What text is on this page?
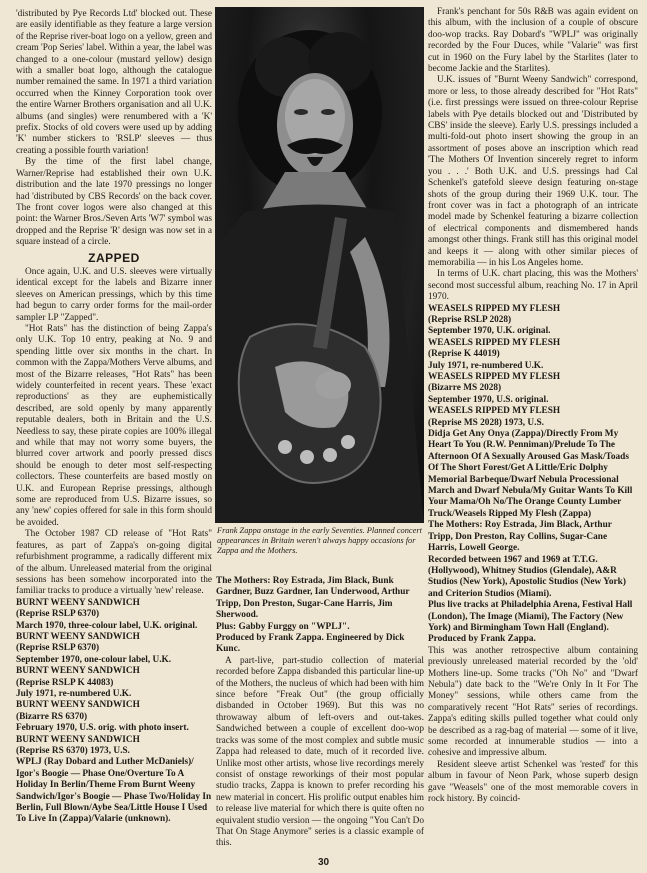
'distributed by Pye Records Ltd' blocked out. These are easily identifiable as they feature a large version of the Reprise river-boat logo on a yellow, green and cream 'Pop Series' label. Within a year, the label was changed to a one-colour (mustard yellow) design with a smaller boat logo, although the catalogue number remained the same. In 1971 a third variation occurred when the Kinney Corporation took over the entire Warner Brothers organisation and all U.K. albums (and singles) were renumbered with a 'K' prefix. Stocks of old covers were used up by adding 'K' number stickers to 'RSLP' sleeves — thus creating a possible fourth variation!

By the time of the first label change, Warner/Reprise had established their own U.K. distribution and the late 1970 pressings no longer had 'distributed by CBS Records' on the back cover. The front cover logos were also changed at this point: the Warner Bros./Seven Arts 'W7' symbol was dropped and the Reprise 'R' design was now set in a square instead of a circle.

ZAPPED

Once again, U.K. and U.S. sleeves were virtually identical except for the labels and Bizarre inner sleeves on American pressings, which by this time had begun to carry order forms for the mail-order sampler LP "Zapped".

"Hot Rats" has the distinction of being Zappa's only U.K. Top 10 entry, peaking at No. 9 and spending little over six months in the chart. In common with the Zappa/Mothers Verve albums, and most of the Bizarre releases, "Hot Rats" has been widely counterfeited in recent years. These 'exact reproductions' as they are euphemistically described, are sold openly by many apparently reputable dealers, both in Britain and the U.S. Needless to say, these pirate copies are 100% illegal and while that may not worry some buyers, the blurred cover artwork and poorly pressed discs should be enough to deter most self-respecting collectors. These counterfeits are based mostly on U.K. and European Reprise pressings, although some are reproduced from U.S. Bizarre issues, so any 'new' copies offered for sale in this form should be avoided.

The October 1987 CD release of "Hot Rats" features, as part of Zappa's on-going digital refurbishment programme, a radically different mix of the album. Unreleased material from the original sessions has been somehow incorporated into the familiar tracks to produce a virtually 'new' release.

BURNT WEENY SANDWICH

(Reprise RSLP 6370)

March 1970, three-colour label, U.K. original.

BURNT WEENY SANDWICH

(Reprise RSLP 6370)

September 1970, one-colour label, U.K.

BURNT WEENY SANDWICH

(Reprise RSLP K 44083)

July 1971, re-numbered U.K.

BURNT WEENY SANDWICH

(Bizarre RS 6370)

February 1970, U.S. orig. with photo insert.

BURNT WEENY SANDWICH

(Reprise RS 6370) 1973, U.S.

WPLJ (Ray Dobard and Luther McDaniels)/ Igor's Boogie — Phase One/Overture To A Holiday In Berlin/Theme From Burnt Weeny Sandwich/Igor's Boogie — Phase Two/Holiday In Berlin, Full Blown/Aybe Sea/Little House I Used To Live In (Zappa)/Valarie (unknown).

Frank Zappa onstage in the early Seventies. Planned concert appearances in Britain weren't always happy occasions for Zappa and the Mothers.

The Mothers: Roy Estrada, Jim Black, Bunk Gardner, Buzz Gardner, Ian Underwood, Arthur Tripp, Don Preston, Sugar-Cane Harris, Jim Sherwood.

Plus: Gabby Furggy on "WPLJ".

Produced by Frank Zappa. Engineered by Dick Kunc.

A part-live, part-studio collection of material recorded before Zappa disbanded this particular line-up of the Mothers, the nucleus of which had been with him since before "Freak Out" (the group officially disbanded in October 1969). But this was no throwaway album of left-overs and out-takes. Sandwiched between a couple of excellent doo-wop tracks was some of the most complex and subtle music Zappa had released to date, much of it recorded live. Unlike most other artists, whose live recordings merely consist of onstage reworkings of their most popular studio tracks, Zappa is known to prefer recording his new material in concert. His prolific output enables him to release live material for which there is quite often no equivalent studio version — the ongoing "You Can't Do That On Stage Anymore" series is a classic example of this.

Frank's penchant for 50s R&B was again evident on this album, with the inclusion of a couple of obscure doo-wop tracks. Ray Dobard's "WPLJ" was originally recorded by the Four Duces, while "Valarie" was first cut in 1960 on the Fury label by the Starlites (later to become Jackie and the Starlites).

U.K. issues of "Burnt Weeny Sandwich" correspond, more or less, to those already described for "Hot Rats" (i.e. first pressings were issued on three-colour Reprise labels with Pye details blocked out and 'Distributed by CBS' inside the sleeve). Early U.S. pressings included a multi-fold-out photo insert showing the group in an assortment of poses above an inscription which read 'The Mothers Of Invention sincerely regret to inform you . . .' Both U.K. and U.S. pressings had Cal Schenkel's gatefold sleeve design featuring on-stage shots of the group during their 1969 U.K. tour. The front cover was in fact a photograph of an intricate model made by Schenkel featuring a bizarre collection of electrical components and dismembered hands amongst other things. Frank still has this original model and keeps it — along with other similar pieces of memorabilia — in his Los Angeles home.

In terms of U.K. chart placing, this was the Mothers' second most successful album, reaching No. 17 in April 1970.

WEASELS RIPPED MY FLESH

(Reprise RSLP 2028)

September 1970, U.K. original.

WEASELS RIPPED MY FLESH

(Reprise K 44019)

July 1971, re-numbered U.K.

WEASELS RIPPED MY FLESH

(Bizarre MS 2028)

September 1970, U.S. original.

WEASELS RIPPED MY FLESH

(Reprise MS 2028) 1973, U.S.

Didja Get Any Onya (Zappa)/Directly From My Heart To You (R.W. Penniman)/Prelude To The Afternoon Of A Sexually Aroused Gas Mask/Toads Of The Short Forest/Get A Little/Eric Dolphy Memorial Barbeque/Dwarf Nebula Processional March and Dwarf Nebula/My Guitar Wants To Kill Your Mama/Oh No/The Orange County Lumber Truck/Weasels Ripped My Flesh (Zappa)

The Mothers: Roy Estrada, Jim Black, Arthur Tripp, Don Preston, Ray Collins, Sugar-Cane Harris, Lowell George.

Recorded between 1967 and 1969 at T.T.G. (Hollywood), Whitney Studios (Glendale), A&R Studios (New York), Apostolic Studios (New York) and Criterion Studios (Miami).

Plus live tracks at Philadelphia Arena, Festival Hall (London), The Image (Miami), The Factory (New York) and Birmingham Town Hall (England).

Produced by Frank Zappa.

This was another retrospective album containing previously unreleased material recorded by the 'old' Mothers line-up. Some tracks ("Oh No" and "Dwarf Nebula") date back to the "We're Only In It For The Money" sessions, while others came from the comparatively recent "Hot Rats" series of recordings. Zappa's editing skills pulled together what could only be described as a rag-bag of material — some of it live, some recorded at innumerable studios — into a cohesive and impressive album.

Resident sleeve artist Schenkel was 'rested' for this album in favour of Neon Park, whose superb design gave "Weasels" one of the most memorable covers in rock history. By coincid-

30
